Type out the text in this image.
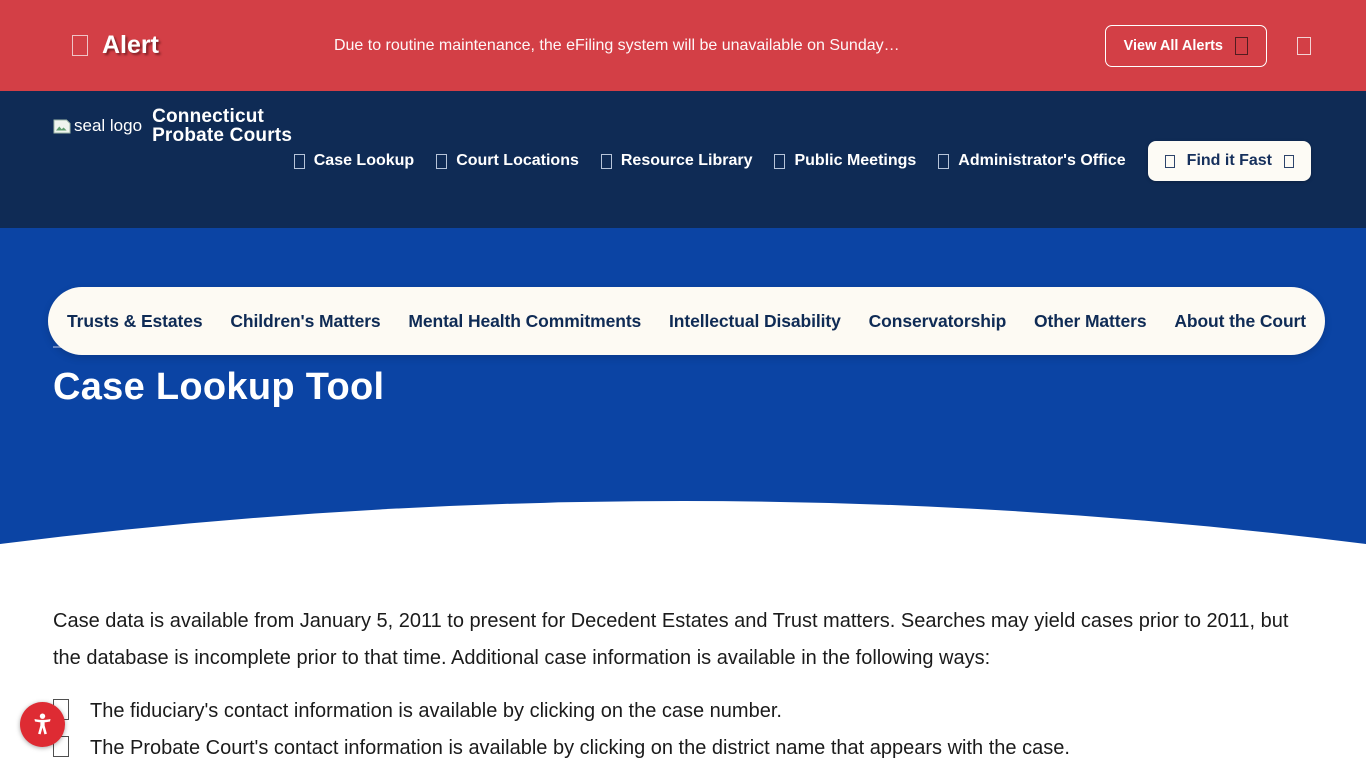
Alert	Due to routine maintenance, the eFiling system will be unavailable on Sunday…	View All Alerts
seal logo Connecticut
Probate Courts
Case Lookup	Court Locations	Resource Library	Public Meetings	Administrator's Office	Find it Fast
Case Lookup Tool
Trusts & Estates Children's Matters Mental Health Commitments Intellectual Disability Conservatorship Other Matters About the Court

Case data is available from January 5, 2011 to present for Decedent Estates and Trust matters. Searches may yield cases prior to 2011, but the database is incomplete prior to that time. Additional case information is available in the following ways:

The fiduciary's contact information is available by clicking on the case number.
The Probate Court's contact information is available by clicking on the district name that appears with the case.
